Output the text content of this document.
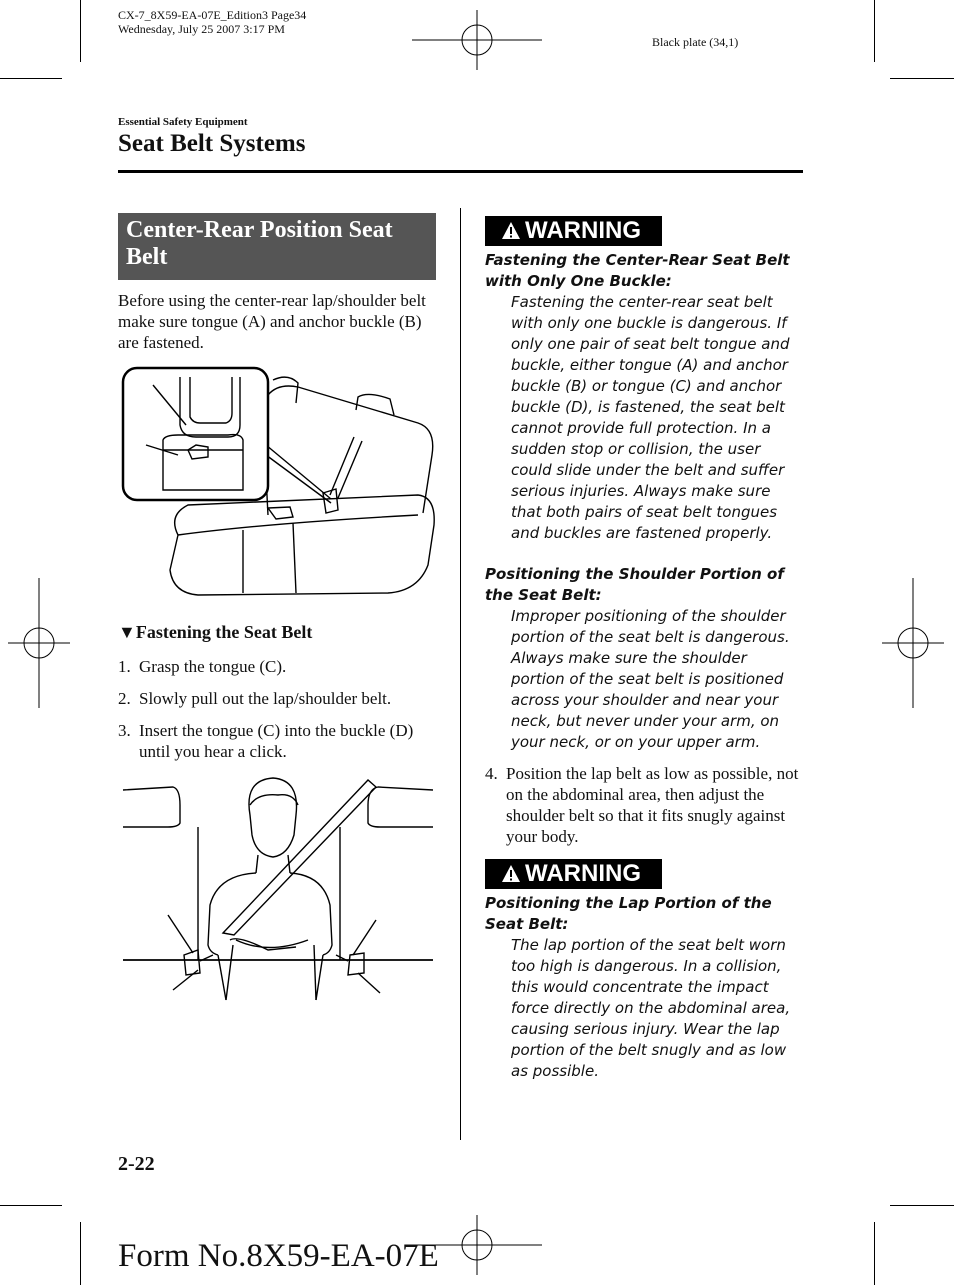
CX-7_8X59-EA-07E_Edition3 Page34
Wednesday, July 25 2007 3:17 PM
Black plate (34,1)
Essential Safety Equipment
Seat Belt Systems
Center-Rear Position Seat Belt
Before using the center-rear lap/shoulder belt make sure tongue (A) and anchor buckle (B) are fastened.
▼Fastening the Seat Belt
1. Grasp the tongue (C).
2. Slowly pull out the lap/shoulder belt.
3. Insert the tongue (C) into the buckle (D) until you hear a click.
WARNING
Fastening the Center-Rear Seat Belt with Only One Buckle:
Fastening the center-rear seat belt with only one buckle is dangerous. If only one pair of seat belt tongue and buckle, either tongue (A) and anchor buckle (B) or tongue (C) and anchor buckle (D), is fastened, the seat belt cannot provide full protection. In a sudden stop or collision, the user could slide under the belt and suffer serious injuries. Always make sure that both pairs of seat belt tongues and buckles are fastened properly.
Positioning the Shoulder Portion of the Seat Belt:
Improper positioning of the shoulder portion of the seat belt is dangerous. Always make sure the shoulder portion of the seat belt is positioned across your shoulder and near your neck, but never under your arm, on your neck, or on your upper arm.
4. Position the lap belt as low as possible, not on the abdominal area, then adjust the shoulder belt so that it fits snugly against your body.
WARNING
Positioning the Lap Portion of the Seat Belt:
The lap portion of the seat belt worn too high is dangerous. In a collision, this would concentrate the impact force directly on the abdominal area, causing serious injury. Wear the lap portion of the belt snugly and as low as possible.
2-22
Form No.8X59-EA-07E
